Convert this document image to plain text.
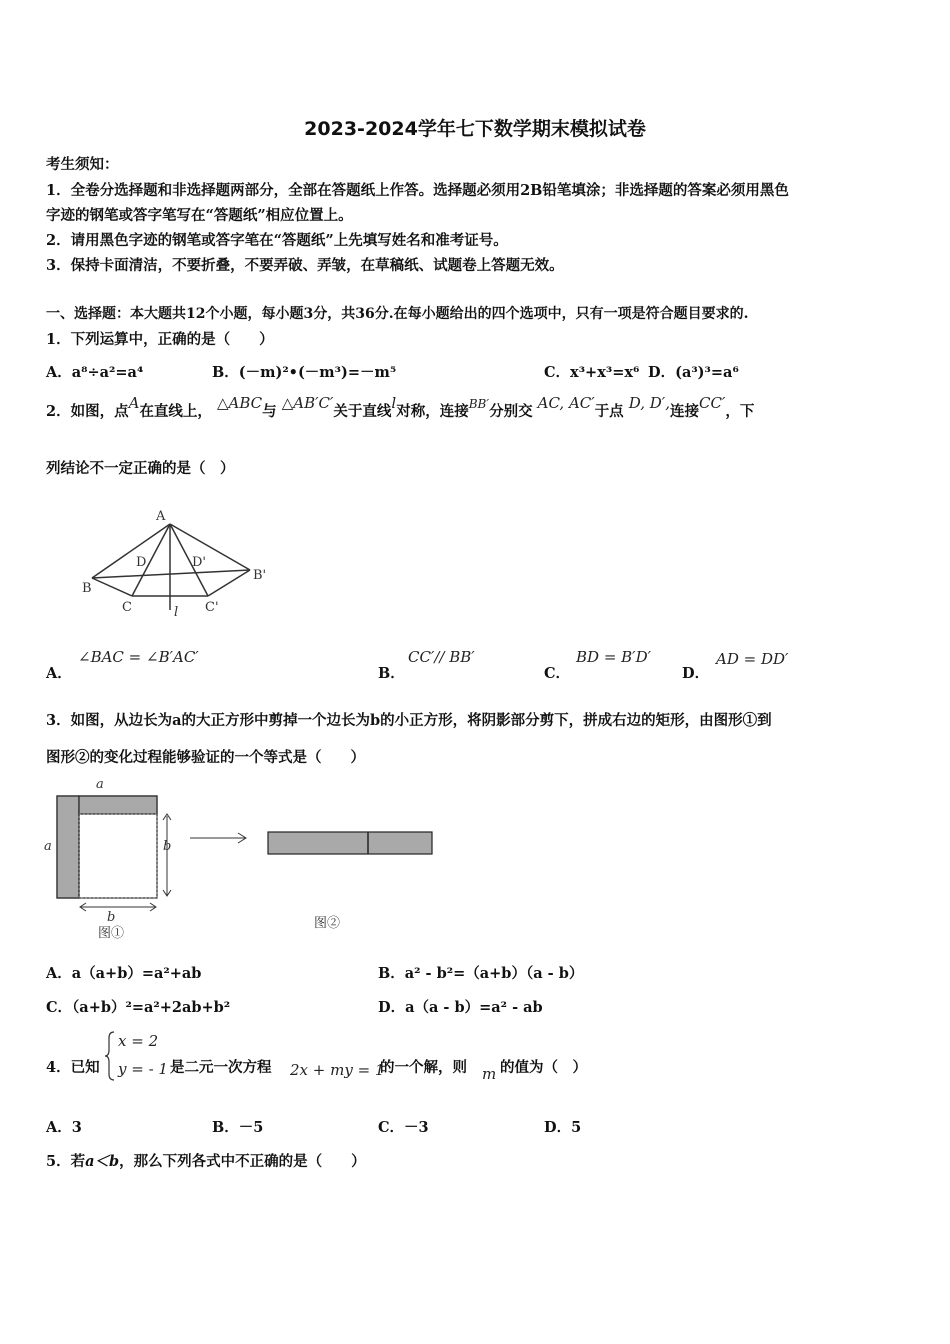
2023-2024学年七下数学期末模拟试卷
考生须知：
1．全卷分选择题和非选择题两部分，全部在答题纸上作答。选择题必须用2B铅笔填涂；非选择题的答案必须用黑色
字迹的钢笔或答字笔写在“答题纸”相应位置上。
2．请用黑色字迹的钢笔或答字笔在“答题纸”上先填写姓名和准考证号。
3．保持卡面清洁，不要折叠，不要弄破、弄皱，在草稿纸、试题卷上答题无效。
一、选择题：本大题共12个小题，每小题3分，共36分.在每小题给出的四个选项中，只有一项是符合题目要求的.
1．下列运算中，正确的是（　　）
A．a⁸÷a²=a⁴	B．(－m)²•(－m³)=－m⁵	C．x³+x³=x⁶ D．(a³)³=a⁶
2．如图，点A在直线上， △ABC与 △AB′C′关于直线l对称，连接$^{BB'}$分别交 AC, AC′于点 D, D′,连接CC′，下
列结论不一定正确的是（　）
A
B
C
D	D'
B'
C'
l
A．
∠BAC = ∠B′AC′
B．
CC′// BB′
C．
BD = B′D′
D．
AD = DD′
3．如图，从边长为a的大正方形中剪掉一个边长为b的小正方形，将阴影部分剪下，拼成右边的矩形，由图形①到
图形②的变化过程能够验证的一个等式是（　　）
a
a	b
b
图①
图②
A．a（a+b）=a²+ab	B．a² - b²=（a+b）（a - b）
C．（a+b）²=a²+2ab+b²	D．a（a - b）=a² - ab
4．已知
x = 2
y = - 1 是二元一次方程 2x + my = 1
的一个解，则 m 的值为（　）
A．3	B．－5	C．－3	D．5
5．若a＜b，那么下列各式中不正确的是（　　）
